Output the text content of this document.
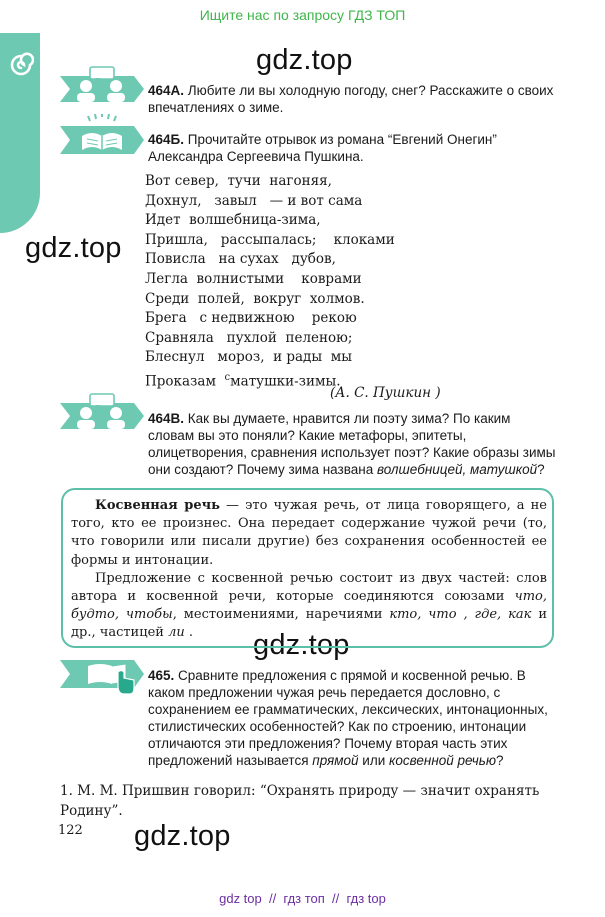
Ищите нас по запросу ГДЗ ТОП
gdz.top
gdz.top
gdz.top
gdz.top
464А. Любите ли вы холодную погоду, снег? Расскажите о своих впечатлениях о зиме.
464Б. Прочитайте отрывок из романа “Евгений Онегин” Александра Сергеевича Пушкина.
Вот север,  тучи  нагоняя,
Дохнул,   завыл   — и вот сама
Идет  волшебница-зима,
Пришла,   рассыпалась;    клоками
Повисла   на сухах   дубов,
Легла  волнистыми    коврами
Среди  полей,  вокруг  холмов.
Брега   с недвижною    рекою
Сравняла   пухлой  пеленою;
Блеснул   мороз,  и рады  мы
Проказам $^с$матушки-зимы.
(А. С. Пушкин )
464В. Как вы думаете, нравится ли поэту зима? По каким словам вы это поняли? Какие метафоры, эпитеты, олицетворения, сравнения использует поэт? Какие образы зимы они создают? Почему зима названа волшебницей, матушкой?

Косвенная речь — это чужая речь, от лица говорящего, а не того, кто ее произнес. Она передает содержание чужой речи (то, что говорили или писали другие) без сохранения особенностей ее формы и интонации.

Предложение с косвенной речью состоит из двух частей: слов автора и косвенной речи, которые соединяются союзами что, будто, чтобы, местоимениями, наречиями кто, что , где, как и др., частицей ли .

465. Сравните предложения с прямой и косвенной речью. В каком предложении чужая речь передается дословно, с сохранением ее грамматических, лексических, интонационных, стилистических особенностей? Как по строению, интонации отличаются эти предложения? Почему вторая часть этих предложений называется прямой или косвенной речью?
1. М. М. Пришвин говорил: “Охранять природу — значит охранять Родину”.
122
gdz top  //  гдз топ  //  гдз top
